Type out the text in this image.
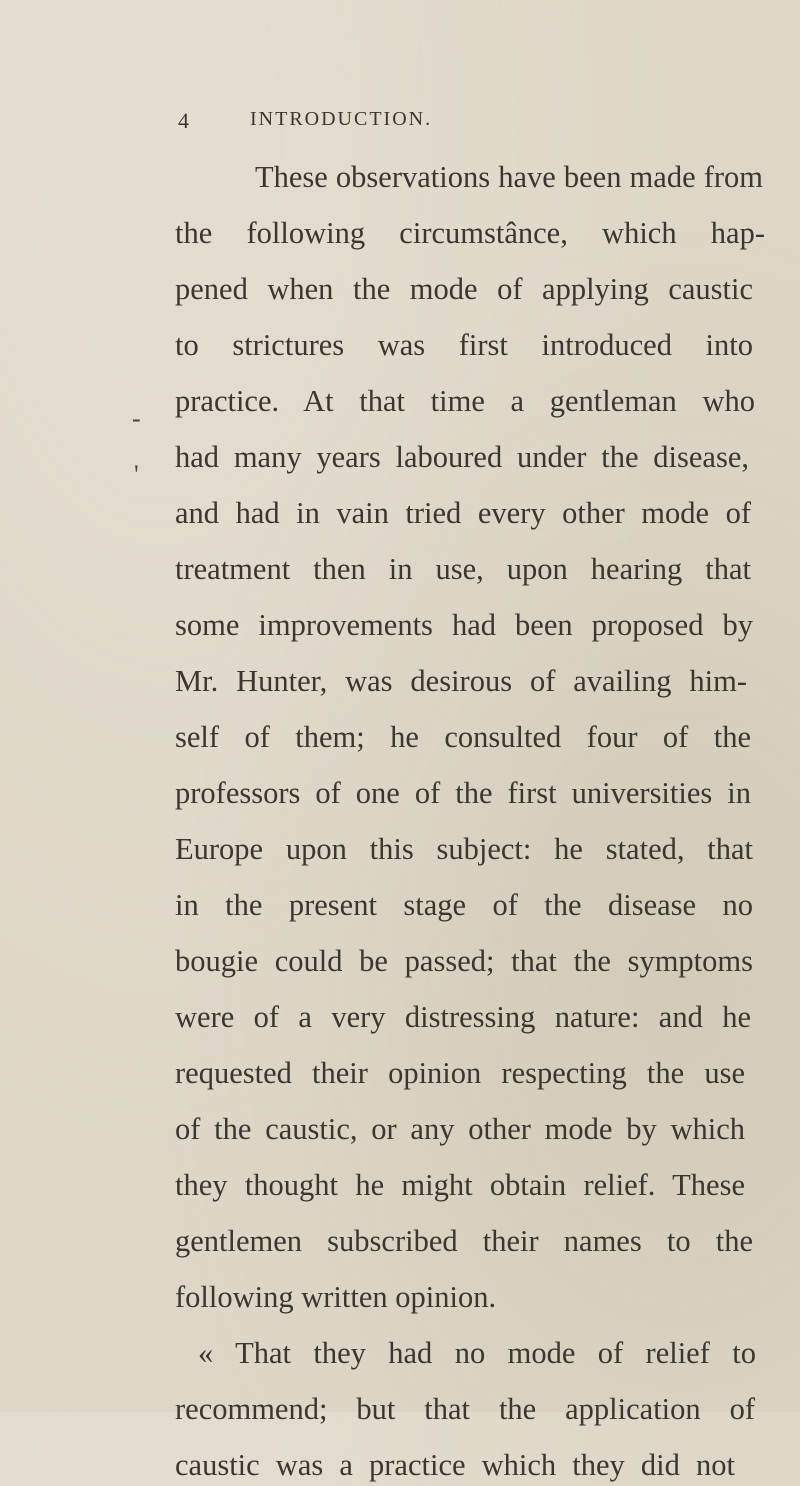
4	INTRODUCTION.
-
'
These observations have been made from
the following circumstânce, which hap-
pened when the mode of applying caustic
to strictures was first introduced into
practice. At that time a gentleman who
had many years laboured under the disease,
and had in vain tried every other mode of
treatment then in use, upon hearing that
some improvements had been proposed by
Mr. Hunter, was desirous of availing him-
self of them; he consulted four of the
professors of one of the first universities in
Europe upon this subject: he stated, that
in the present stage of the disease no
bougie could be passed; that the symptoms
were of a very distressing nature: and he
requested their opinion respecting the use
of the caustic, or any other mode by which
they thought he might obtain relief. These
gentlemen subscribed their names to the
following written opinion.
« That they had no mode of relief to
recommend; but that the application of
caustic was a practice which they did not
